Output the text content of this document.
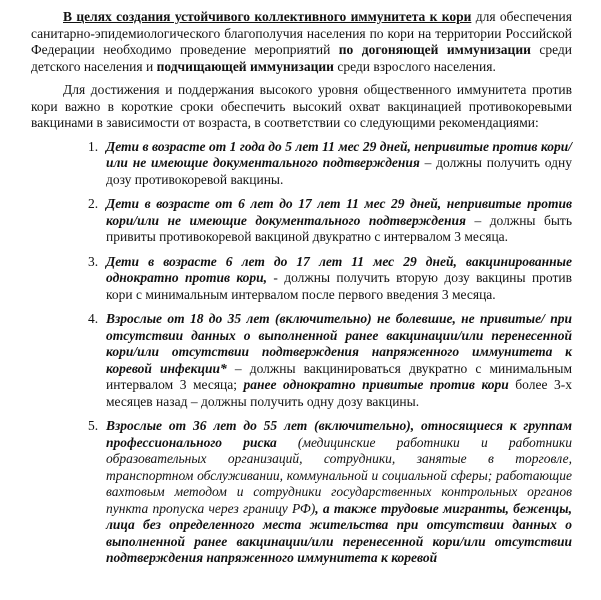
В целях создания устойчивого коллективного иммунитета к кори для обеспечения санитарно-эпидемиологического благополучия населения по кори на территории Российской Федерации необходимо проведение мероприятий по догоняющей иммунизации среди детского населения и подчищающей иммунизации среди взрослого населения.

Для достижения и поддержания высокого уровня общественного иммунитета против кори важно в короткие сроки обеспечить высокий охват вакцинацией противокоревыми вакцинами в зависимости от возраста, в соответствии со следующими рекомендациями:

1. Дети в возрасте от 1 года до 5 лет 11 мес 29 дней, непривитые против кори/или не имеющие документального подтверждения – должны получить одну дозу противокоревой вакцины.
2. Дети в возрасте от 6 лет до 17 лет 11 мес 29 дней, непривитые против кори/или не имеющие документального подтверждения – должны быть привиты противокоревой вакциной двукратно с интервалом 3 месяца.
3. Дети в возрасте 6 лет до 17 лет 11 мес 29 дней, вакцинированные однократно против кори, - должны получить вторую дозу вакцины против кори с минимальным интервалом после первого введения 3 месяца.
4. Взрослые от 18 до 35 лет (включительно) не болевшие, не привитые/ при отсутствии данных о выполненной ранее вакцинации/или перенесенной кори/или отсутствии подтверждения напряженного иммунитета к коревой инфекции* – должны вакцинироваться двукратно с минимальным интервалом 3 месяца; ранее однократно привитые против кори более 3-х месяцев назад – должны получить одну дозу вакцины.
5. Взрослые от 36 лет до 55 лет (включительно), относящиеся к группам профессионального риска (медицинские работники и работники образовательных организаций, сотрудники, занятые в торговле, транспортном обслуживании, коммунальной и социальной сферы; работающие вахтовым методом и сотрудники государственных контрольных органов пункта пропуска через границу РФ), а также трудовые мигранты, беженцы, лица без определенного места жительства при отсутствии данных о выполненной ранее вакцинации/или перенесенной кори/или отсутствии подтверждения напряженного иммунитета к коревой
